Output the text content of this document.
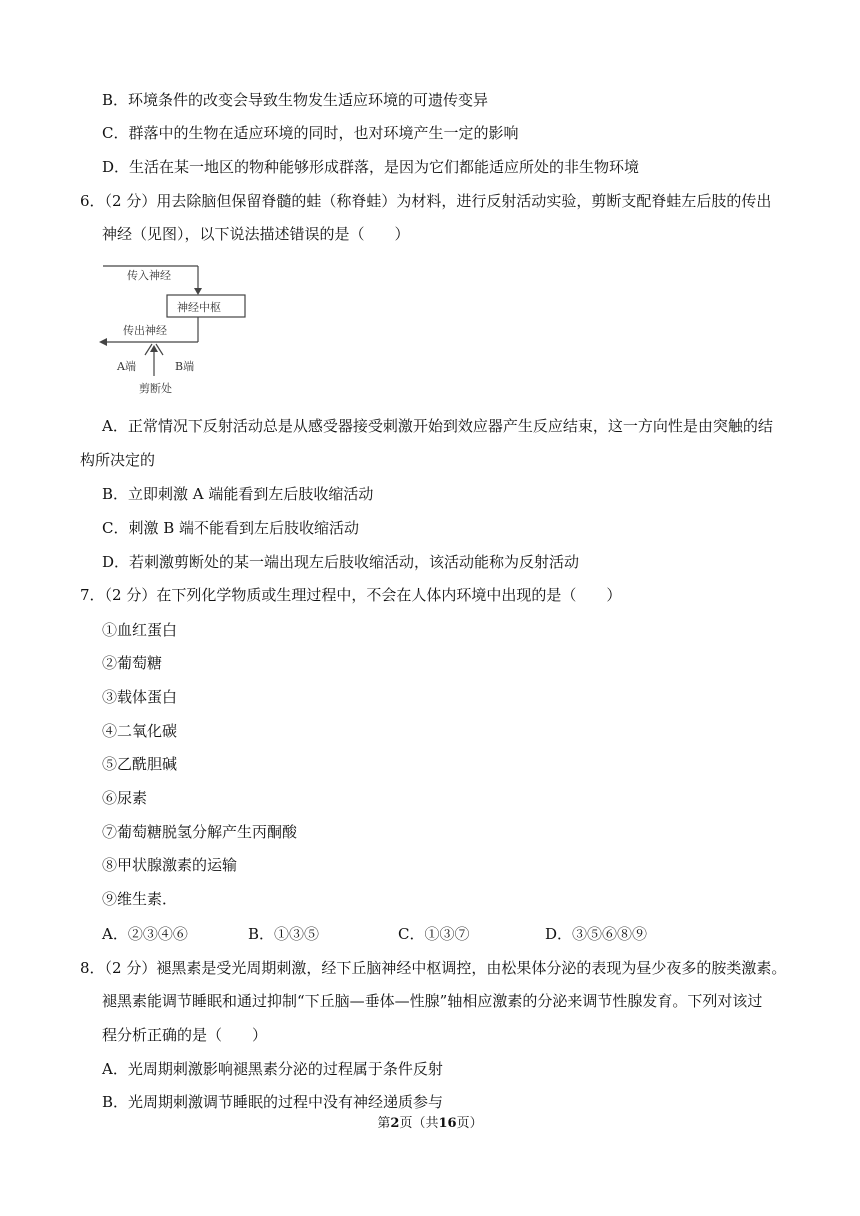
B．环境条件的改变会导致生物发生适应环境的可遗传变异
C．群落中的生物在适应环境的同时，也对环境产生一定的影响
D．生活在某一地区的物种能够形成群落，是因为它们都能适应所处的非生物环境
6．（2 分）用去除脑但保留脊髓的蛙（称脊蛙）为材料，进行反射活动实验，剪断支配脊蛙左后肢的传出
神经（见图），以下说法描述错误的是（　　）
传入神经
神经中枢
传出神经
A端	B端
剪断处
A．正常情况下反射活动总是从感受器接受刺激开始到效应器产生反应结束，这一方向性是由突触的结
构所决定的
B．立即刺激 A 端能看到左后肢收缩活动
C．刺激 B 端不能看到左后肢收缩活动
D．若刺激剪断处的某一端出现左后肢收缩活动，该活动能称为反射活动
7．（2 分）在下列化学物质或生理过程中，不会在人体内环境中出现的是（　　）
①血红蛋白
②葡萄糖
③载体蛋白
④二氧化碳
⑤乙酰胆碱
⑥尿素
⑦葡萄糖脱氢分解产生丙酮酸
⑧甲状腺激素的运输
⑨维生素．
A．②③④⑥	B．①③⑤	C．①③⑦	D．③⑤⑥⑧⑨
8．（2 分）褪黑素是受光周期刺激，经下丘脑神经中枢调控，由松果体分泌的表现为昼少夜多的胺类激素。
褪黑素能调节睡眠和通过抑制“下丘脑—垂体—性腺”轴相应激素的分泌来调节性腺发育。下列对该过
程分析正确的是（　　）
A．光周期刺激影响褪黑素分泌的过程属于条件反射
B．光周期刺激调节睡眠的过程中没有神经递质参与
第2页（共16页）
